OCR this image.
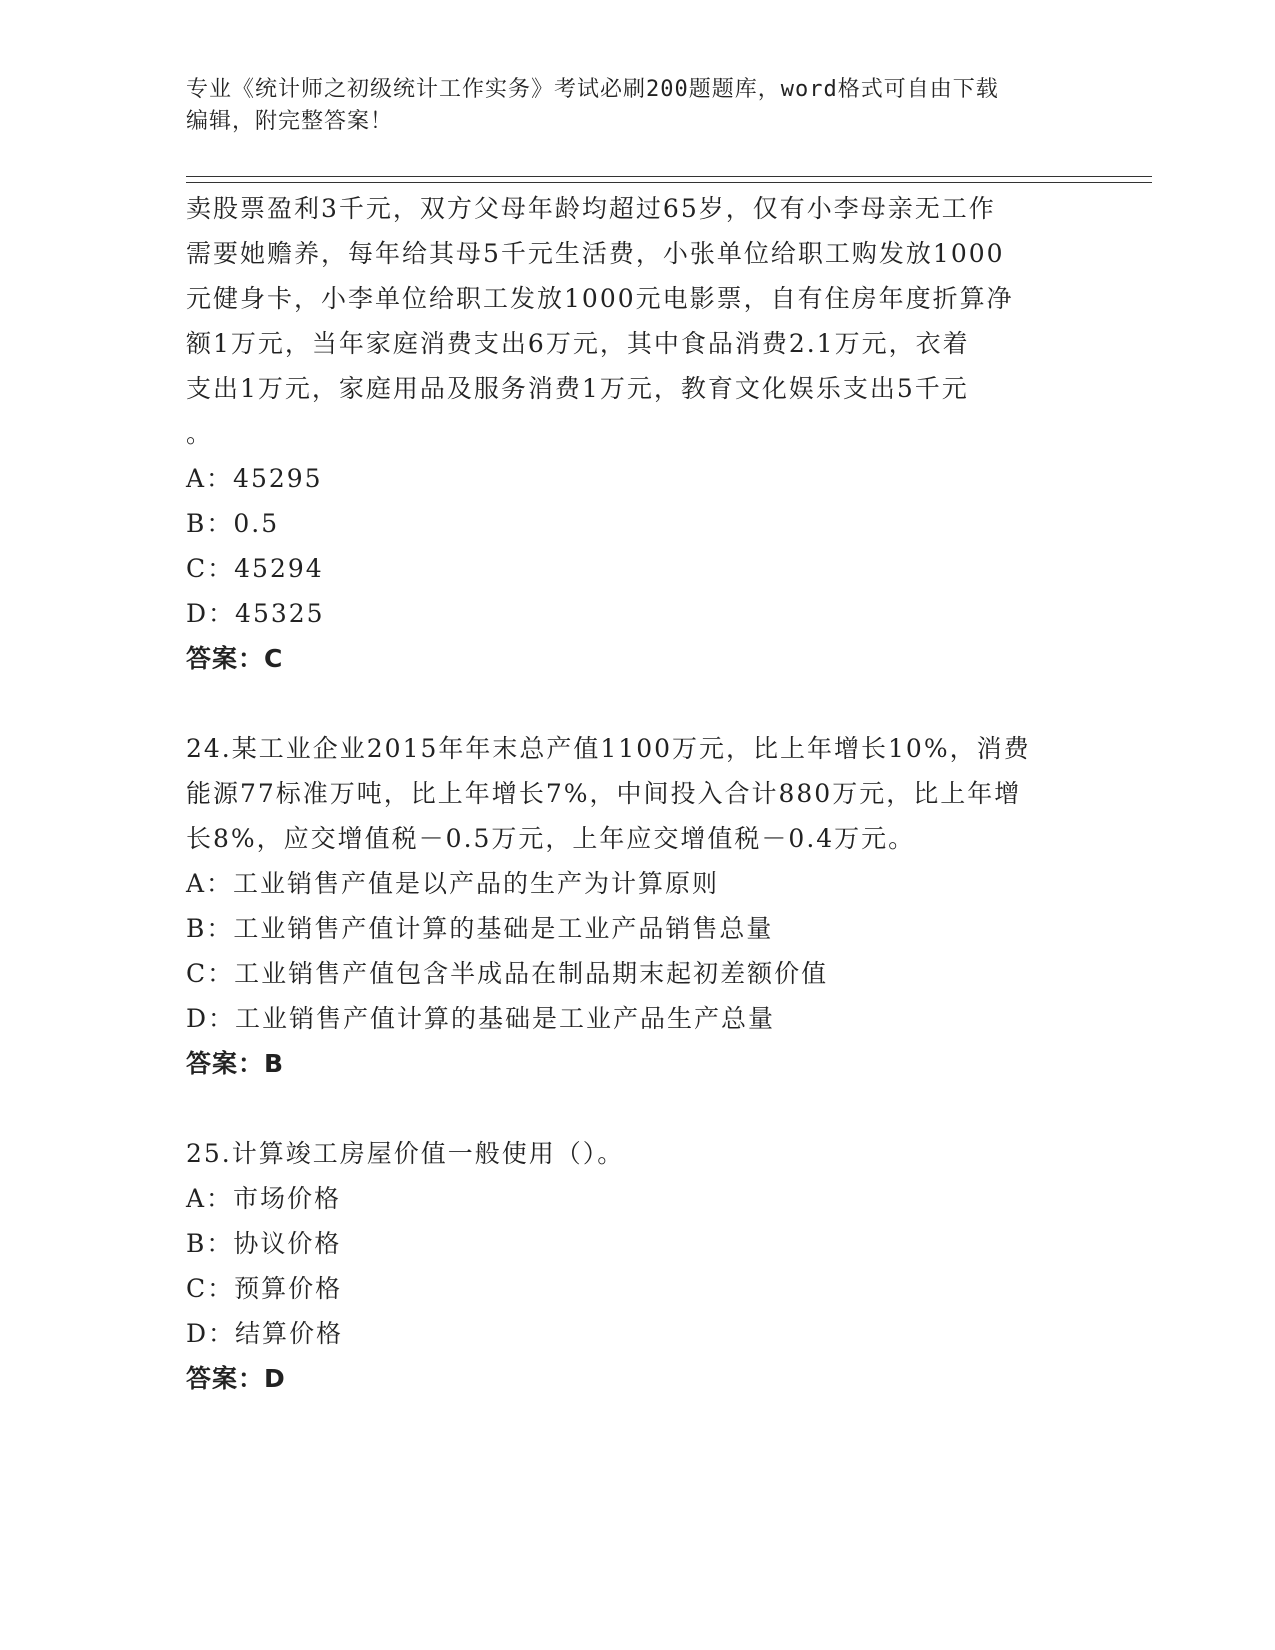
专业《统计师之初级统计工作实务》考试必刷200题题库，word格式可自由下载
编辑，附完整答案！
卖股票盈利3千元，双方父母年龄均超过65岁，仅有小李母亲无工作
需要她赡养，每年给其母5千元生活费，小张单位给职工购发放1000
元健身卡，小李单位给职工发放1000元电影票，自有住房年度折算净
额1万元，当年家庭消费支出6万元，其中食品消费2.1万元，衣着
支出1万元，家庭用品及服务消费1万元，教育文化娱乐支出5千元
。
A：45295
B：0.5
C：45294
D：45325
答案：C
24.某工业企业2015年年末总产值1100万元，比上年增长10%，消费
能源77标准万吨，比上年增长7%，中间投入合计880万元，比上年增
长8%，应交增值税－0.5万元，上年应交增值税－0.4万元。
A：工业销售产值是以产品的生产为计算原则
B：工业销售产值计算的基础是工业产品销售总量
C：工业销售产值包含半成品在制品期末起初差额价值
D：工业销售产值计算的基础是工业产品生产总量
答案：B
25.计算竣工房屋价值一般使用（）。
A：市场价格
B：协议价格
C：预算价格
D：结算价格
答案：D
